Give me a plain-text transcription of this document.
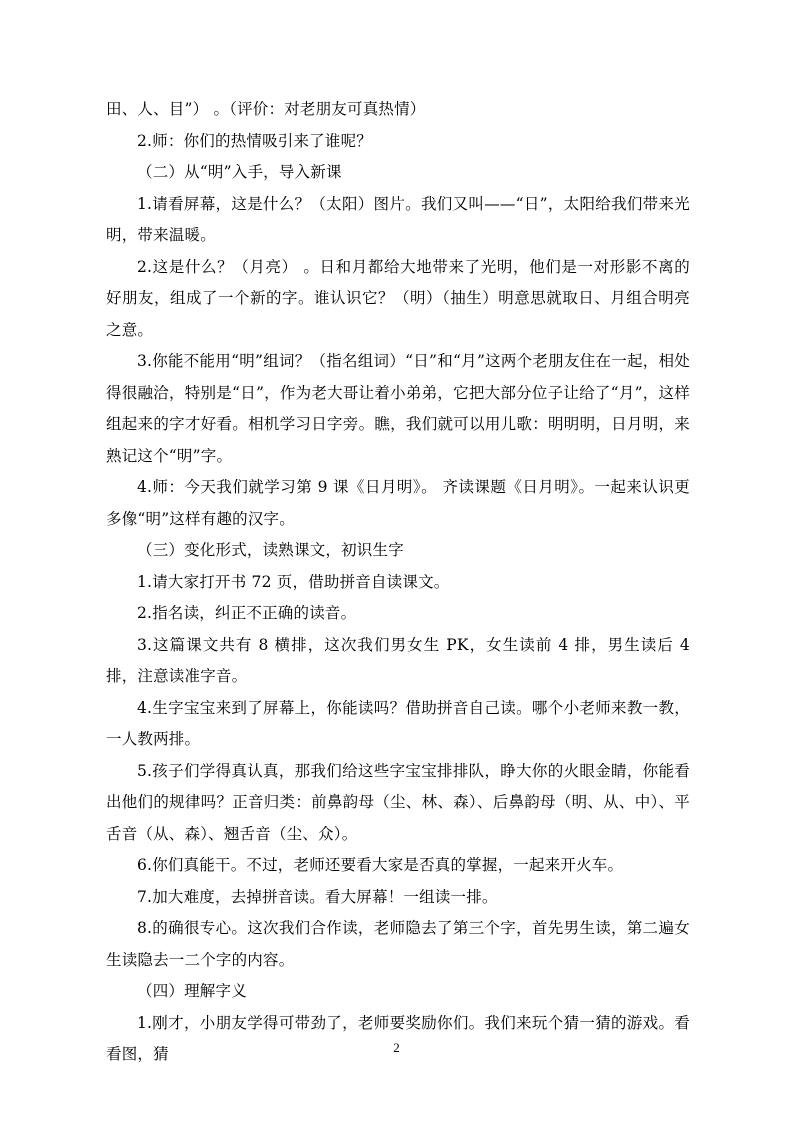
田、人、目”） 。（评价：对老朋友可真热情）

2.师：你们的热情吸引来了谁呢？

（二）从“明”入手，导入新课

1.请看屏幕，这是什么？（太阳）图片。我们又叫——“日”，太阳给我们带来光明，带来温暖。

2.这是什么？（月亮） 。日和月都给大地带来了光明，他们是一对形影不离的好朋友，组成了一个新的字。谁认识它？（明）（抽生）明意思就取日、月组合明亮之意。

3.你能不能用“明”组词？（指名组词）“日”和“月”这两个老朋友住在一起，相处得很融洽，特别是“日”，作为老大哥让着小弟弟，它把大部分位子让给了“月”，这样组起来的字才好看。相机学习日字旁。瞧，我们就可以用儿歌：明明明，日月明，来熟记这个“明”字。

4.师：今天我们就学习第 9 课《日月明》。 齐读课题《日月明》。一起来认识更多像“明”这样有趣的汉字。

（三）变化形式，读熟课文，初识生字

1.请大家打开书 72 页，借助拼音自读课文。

2.指名读，纠正不正确的读音。

3.这篇课文共有 8 横排，这次我们男女生 PK，女生读前 4 排，男生读后 4 排，注意读准字音。

4.生字宝宝来到了屏幕上，你能读吗？借助拼音自己读。哪个小老师来教一教，一人教两排。

5.孩子们学得真认真，那我们给这些字宝宝排排队，睁大你的火眼金睛，你能看出他们的规律吗？正音归类：前鼻韵母（尘、林、森）、后鼻韵母（明、从、中）、平舌音（从、森）、翘舌音（尘、众）。

6.你们真能干。不过，老师还要看大家是否真的掌握，一起来开火车。

7.加大难度，去掉拼音读。看大屏幕！一组读一排。

8.的确很专心。这次我们合作读，老师隐去了第三个字，首先男生读，第二遍女生读隐去一二个字的内容。

（四）理解字义

1.刚才，小朋友学得可带劲了，老师要奖励你们。我们来玩个猜一猜的游戏。看看图，猜	2
